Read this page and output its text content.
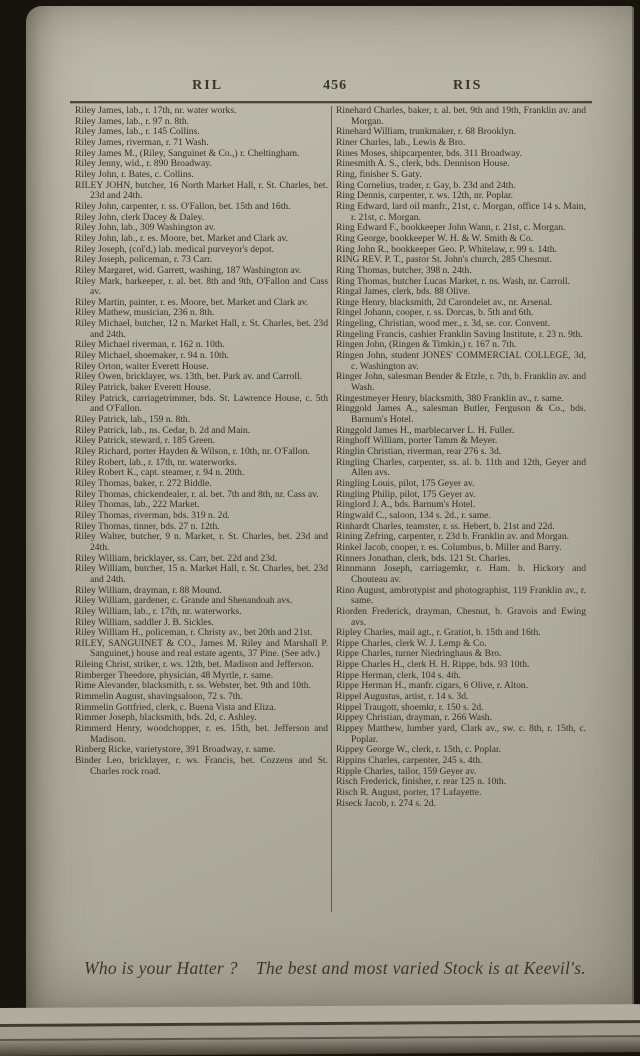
RIL	456	RIS
Riley James, lab., r. 17th, nr. water works.
Riley James, lab., r. 97 n. 8th.
Riley James, lab., r. 145 Collins.
Riley James, riverman, r. 71 Wash.
Riley James M., (Riley, Sanguinet & Co.,) r. Cheltingham.
Riley Jenny, wid., r. 890 Broadway.
Riley John, r. Bates, c. Collins.
RILEY JOHN, butcher, 16 North Market Hall, r. St. Charles, bet. 23d and 24th.
Riley John, carpenter, r. ss. O'Fallon, bet. 15th and 16th.
Riley John, clerk Dacey & Daley.
Riley John, lab., 309 Washington av.
Riley John, lab., r. es. Moore, bet. Market and Clark av.
Riley Joseph, (col'd,) lab. medical purveyor's depot.
Riley Joseph, policeman, r. 73 Carr.
Riley Margaret, wid. Garrett, washing, 187 Washington av.
Riley Mark, barkeeper, r. al. bet. 8th and 9th, O'Fallon and Cass av.
Riley Martin, painter, r. es. Moore, bet. Market and Clark av.
Riley Mathew, musician, 236 n. 8th.
Riley Michael, butcher, 12 n. Market Hall, r. St. Charles, bet. 23d and 24th.
Riley Michael riverman, r. 162 n. 10th.
Riley Michael, shoemaker, r. 94 n. 10th.
Riley Orton, waiter Everett House.
Riley Owen, bricklayer, ws. 13th, bet. Park av. and Carroll.
Riley Patrick, baker Everett House.
Riley Patrick, carriagetrimmer, bds. St. Lawrence House, c. 5th and O'Fallon.
Riley Patrick, lab., 159 n. 8th.
Riley Patrick, lab., ns. Cedar, b. 2d and Main.
Riley Patrick, steward, r. 185 Green.
Riley Richard, porter Hayden & Wilson, r. 10th, nr. O'Fallon.
Riley Robert, lab., r. 17th, nr. waterworks.
Riley Robert K., capt. steamer, r. 94 n. 20th.
Riley Thomas, baker, r. 272 Biddle.
Riley Thomas, chickendealer, r. al. bet. 7th and 8th, nr. Cass av.
Riley Thomas, lab., 222 Market.
Riley Thomas, riverman, bds. 319 n. 2d.
Riley Thomas, tinner, bds. 27 n. 12th.
Riley Walter, butcher, 9 n. Market, r. St. Charles, bet. 23d and 24th.
Riley William, bricklayer, ss. Carr, bet. 22d and 23d.
Riley William, butcher, 15 n. Market Hall, r. St. Charles, bet. 23d and 24th.
Riley William, drayman, r. 88 Mound.
Riley William, gardener, c. Grande and Shenandoah avs.
Riley William, lab., r. 17th, nr. waterworks.
Riley William, saddler J. B. Sickles.
Riley William H., policeman, r. Christy av., bet 20th and 21st.
RILEY, SANGUINET & CO., James M. Riley and Marshall P. Sanguinet,) house and real estate agents, 37 Pine. (See adv.)
Rileing Christ, striker, r. ws. 12th, bet. Madison and Jefferson.
Rimberger Theedore, physician, 48 Myrtle, r. same.
Rime Alevander, blacksmith, r. ss. Webster, bet. 9th and 10th.
Rimmelin August, shavingsaloon, 72 s. 7th.
Rimmelin Gottfried, clerk, c. Buena Vista and Eliza.
Rimmer Joseph, blacksmith, bds. 2d, c. Ashley.
Rimmerd Henry, woodchopper, r. es. 15th, bet. Jefferson and Madison.
Rinberg Ricke, varietystore, 391 Broadway, r. same.
Binder Leo, bricklayer, r. ws. Francis, bet. Cozzens and St. Charles rock road.
Rinehard Charles, baker, r. al. bet. 9th and 19th, Franklin av. and Morgan.
Rinehard William, trunkmaker, r. 68 Brooklyn.
Riner Charles, lab., Lewis & Bro.
Rines Moses, shipcarpenter, bds. 311 Broadway.
Rinesmith A. S., clerk, bds. Dennison House.
Ring, finisher S. Gaty.
Ring Cornelius, trader, r. Gay, b. 23d and 24th.
Ring Dennis, carpenter, r. ws. 12th, nr. Poplar.
Ring Edward, lard oil manfr., 21st, c. Morgan, office 14 s. Main, r. 21st, c. Morgan.
Ring Edward F., bookkeeper John Wann, r. 21st, c. Morgan.
Ring George, bookkeeper W. H. & W. Smith & Co.
Ring John R., bookkeeper Geo. P. Whitelaw, r. 99 s. 14th.
RING REV. P. T., pastor St. John's church, 285 Chesnut.
Ring Thomas, butcher, 398 n. 24th.
Ring Thomas, butcher Lucas Market, r. ns. Wash, nr. Carroll.
Ringal James, clerk, bds. 88 Olive.
Ringe Henry, blacksmith, 2d Carondelet av., nr. Arsenal.
Ringel Johann, cooper, r. ss. Dorcas, b. 5th and 6th.
Ringeling, Christian, wood mer., r. 3d, se. cor. Convent.
Ringeling Francis, cashier Franklin Saving Institute, r. 23 n. 9th.
Ringen John, (Ringen & Timkin,) r. 167 n. 7th.
Ringen John, student JONES' COMMERCIAL COLLEGE, 3d, c. Washington av.
Ringer John, salesman Bender & Etzle, r. 7th, b. Franklin av. and Wash.
Ringestmeyer Henry, blacksmith, 380 Franklin av., r. same.
Ringgold James A., salesman Butler, Ferguson & Co., bds. Barnum's Hotel.
Ringgold James H., marblecarver L. H. Fuller.
Ringhoff William, porter Tamm & Meyer.
Ringlin Christian, riverman, rear 276 s. 3d.
Ringling Charles, carpenter, ss. al. b. 11th and 12th, Geyer and Allen avs.
Ringling Louis, pilot, 175 Geyer av.
Ringling Philip, pilot, 175 Geyer av.
Ringlord J. A., bds. Barnum's Hotel.
Ringwald C., saloon, 134 s. 2d., r. same.
Rinhardt Charles, teamster, r. ss. Hebert, b. 21st and 22d.
Rining Zefring, carpenter, r. 23d b. Franklin av. and Morgan.
Rinkel Jacob, cooper, r. es. Columbus, b. Miller and Barry.
Rinners Jonathan, clerk, bds. 121 St. Charles.
Rinnmann Joseph, carriagemkr, r. Ham. b. Hickory and Chouteau av.
Rino August, ambrotypist and photographist, 119 Franklin av., r. same.
Riorden Frederick, drayman, Chesnut, b. Gravois and Ewing avs.
Ripley Charles, mail agt., r. Gratiot, b. 15th and 16th.
Rippe Charles, clerk W. J. Lemp & Co.
Rippe Charles, turner Niedringhaus & Bro.
Rippe Charles H., clerk H. H. Rippe, bds. 93 10th.
Rippe Herman, clerk, 104 s. 4th.
Rippe Herman H., manfr. cigars, 6 Olive, r. Alton.
Rippel Augustus, artist, r. 14 s. 3d.
Rippel Traugott, shoemkr, r. 150 s. 2d.
Rippey Christian, drayman, r. 266 Wash.
Rippey Matthew, lumber yard, Clark av., sw. c. 8th, r. 15th, c. Poplar.
Rippey George W., clerk, r. 15th, c. Poplar.
Rippins Charles, carpenter, 245 s. 4th.
Ripple Charles, tailor, 159 Geyer av.
Risch Frederick, finisher, r. rear 125 n. 10th.
Risch R. August, porter, 17 Lafayette.
Riseck Jacob, r. 274 s. 2d.
Who is your Hatter ? The best and most varied Stock is at Keevil's.
